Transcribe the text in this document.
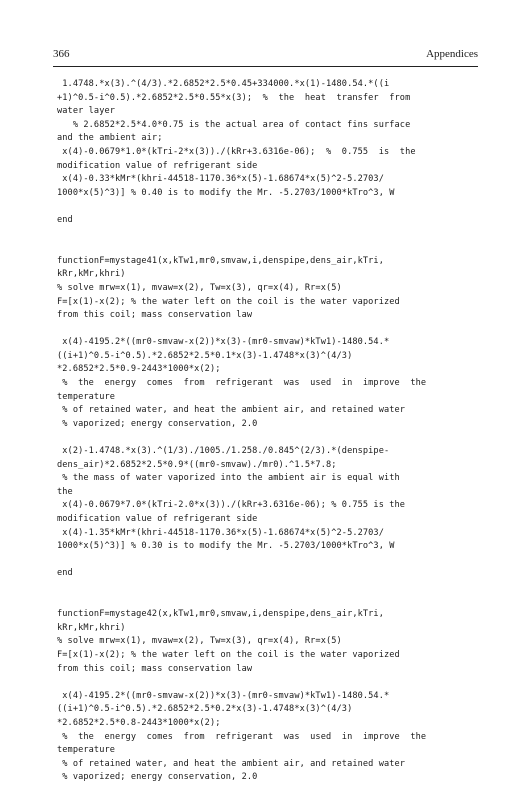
366	Appendices
1.4748.*x(3).^(4/3).*2.6852*2.5*0.45+334000.*x(1)-1480.54.*((i
+1)^0.5-i^0.5).*2.6852*2.5*0.55*x(3);  %  the  heat  transfer  from
water layer
% 2.6852*2.5*4.0*0.75 is the actual area of contact fins surface
and the ambient air;
x(4)-0.0679*1.0*(kTri-2*x(3))./(kRr+3.6316e-06);  %  0.755  is  the
modification value of refrigerant side
x(4)-0.33*kMr*(khri-44518-1170.36*x(5)-1.68674*x(5)^2-5.2703/
1000*x(5)^3)] % 0.40 is to modify the Mr. -5.2703/1000*kTro^3, W
end
functionF=mystage41(x,kTw1,mr0,smvaw,i,denspipe,dens_air,kTri,
kRr,kMr,khri)
% solve mrw=x(1), mvaw=x(2), Tw=x(3), qr=x(4), Rr=x(5)
F=[x(1)-x(2); % the water left on the coil is the water vaporized
from this coil; mass conservation law
x(4)-4195.2*((mr0-smvaw-x(2))*x(3)-(mr0-smvaw)*kTw1)-1480.54.*
((i+1)^0.5-i^0.5).*2.6852*2.5*0.1*x(3)-1.4748*x(3)^(4/3)
*2.6852*2.5*0.9-2443*1000*x(2);
%  the  energy  comes  from  refrigerant  was  used  in  improve  the
temperature
% of retained water, and heat the ambient air, and retained water
% vaporized; energy conservation, 2.0
x(2)-1.4748.*x(3).^(1/3)./1005./1.258./0.845^(2/3).*(denspipe-
dens_air)*2.6852*2.5*0.9*((mr0-smvaw)./mr0).^1.5*7.8;
% the mass of water vaporized into the ambient air is equal with
the
x(4)-0.0679*7.0*(kTri-2.0*x(3))./(kRr+3.6316e-06); % 0.755 is the
modification value of refrigerant side
x(4)-1.35*kMr*(khri-44518-1170.36*x(5)-1.68674*x(5)^2-5.2703/
1000*x(5)^3)] % 0.30 is to modify the Mr. -5.2703/1000*kTro^3, W
end
functionF=mystage42(x,kTw1,mr0,smvaw,i,denspipe,dens_air,kTri,
kRr,kMr,khri)
% solve mrw=x(1), mvaw=x(2), Tw=x(3), qr=x(4), Rr=x(5)
F=[x(1)-x(2); % the water left on the coil is the water vaporized
from this coil; mass conservation law
x(4)-4195.2*((mr0-smvaw-x(2))*x(3)-(mr0-smvaw)*kTw1)-1480.54.*
((i+1)^0.5-i^0.5).*2.6852*2.5*0.2*x(3)-1.4748*x(3)^(4/3)
*2.6852*2.5*0.8-2443*1000*x(2);
%  the  energy  comes  from  refrigerant  was  used  in  improve  the
temperature
% of retained water, and heat the ambient air, and retained water
% vaporized; energy conservation, 2.0
